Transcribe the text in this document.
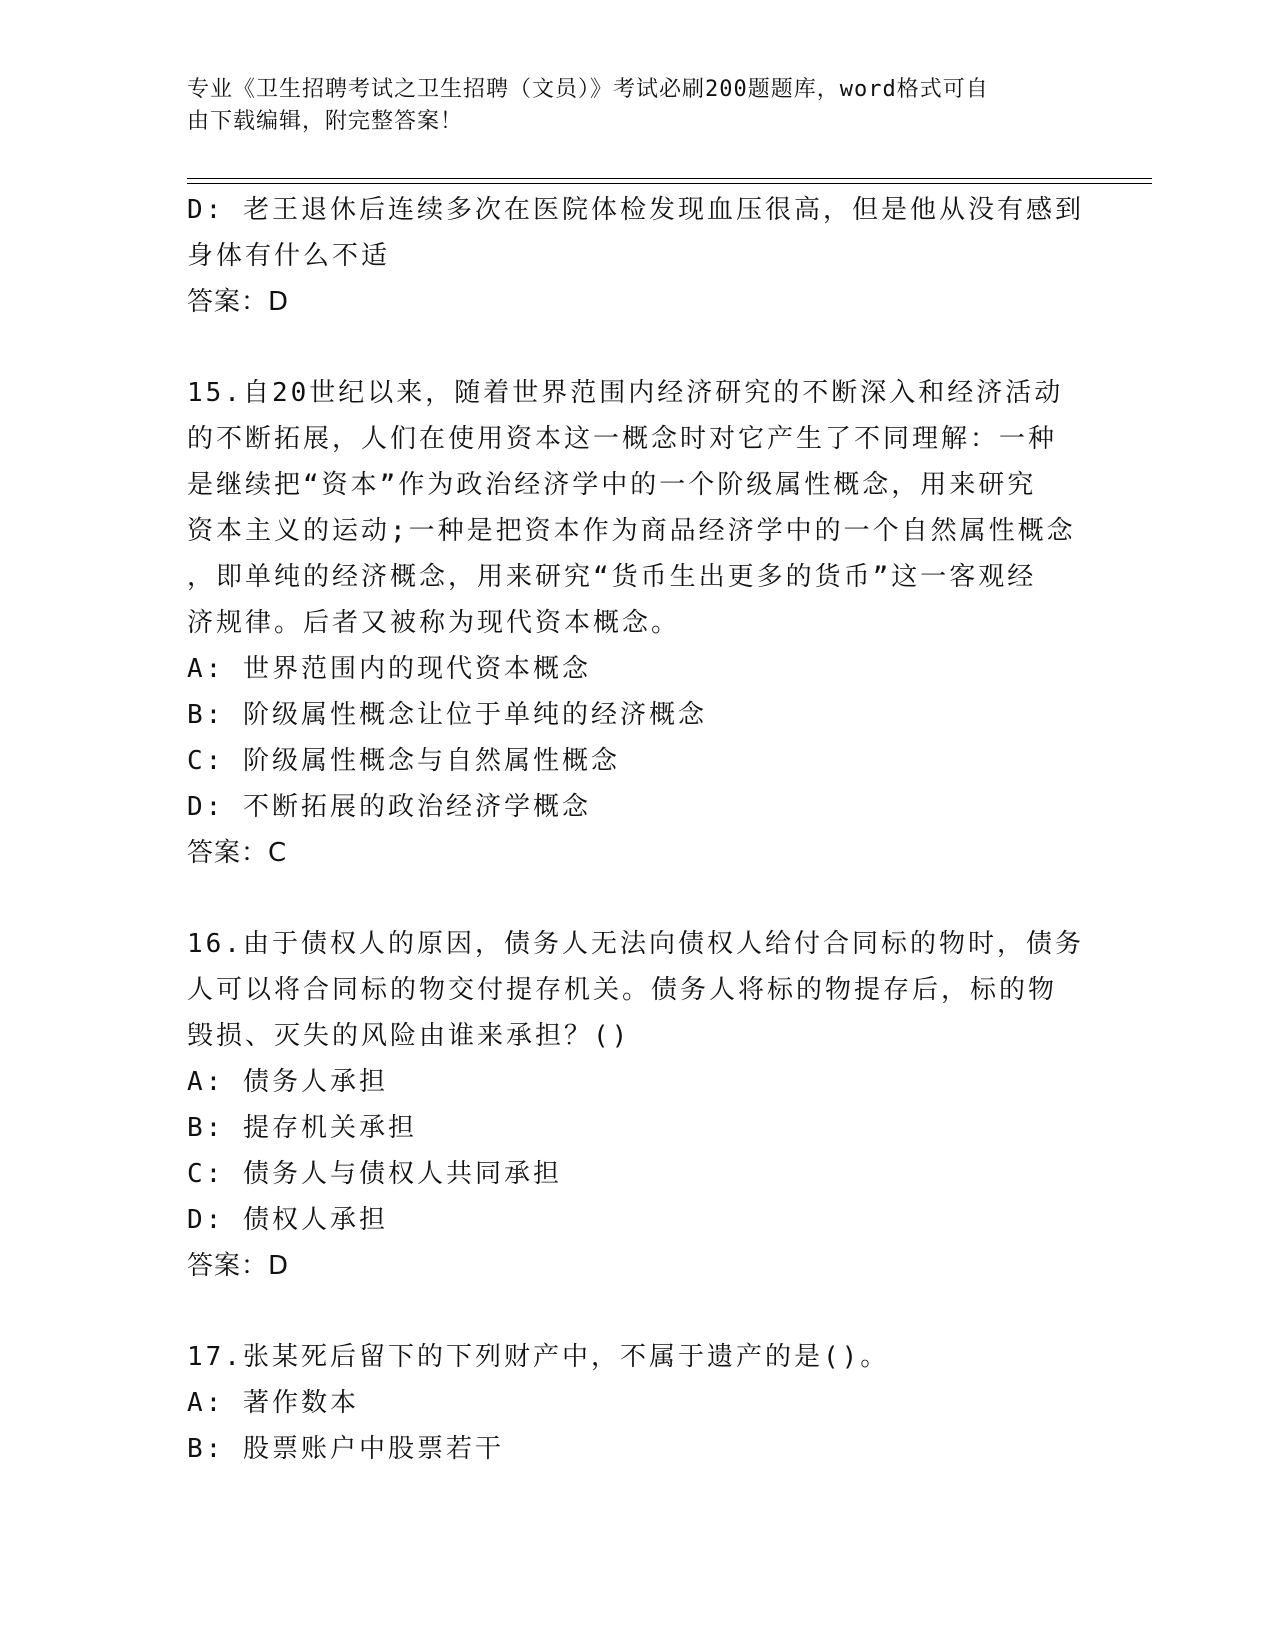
专业《卫生招聘考试之卫生招聘（文员）》考试必刷200题题库，word格式可自
由下载编辑，附完整答案！
D: 老王退休后连续多次在医院体检发现血压很高，但是他从没有感到
身体有什么不适
答案：D
15.自20世纪以来，随着世界范围内经济研究的不断深入和经济活动
的不断拓展，人们在使用资本这一概念时对它产生了不同理解：一种
是继续把“资本”作为政治经济学中的一个阶级属性概念，用来研究
资本主义的运动;一种是把资本作为商品经济学中的一个自然属性概念
，即单纯的经济概念，用来研究“货币生出更多的货币”这一客观经
济规律。后者又被称为现代资本概念。
A: 世界范围内的现代资本概念
B: 阶级属性概念让位于单纯的经济概念
C: 阶级属性概念与自然属性概念
D: 不断拓展的政治经济学概念
答案：C
16.由于债权人的原因，债务人无法向债权人给付合同标的物时，债务
人可以将合同标的物交付提存机关。债务人将标的物提存后，标的物
毁损、灭失的风险由谁来承担？()
A: 债务人承担
B: 提存机关承担
C: 债务人与债权人共同承担
D: 债权人承担
答案：D
17.张某死后留下的下列财产中，不属于遗产的是()。
A: 著作数本
B: 股票账户中股票若干
